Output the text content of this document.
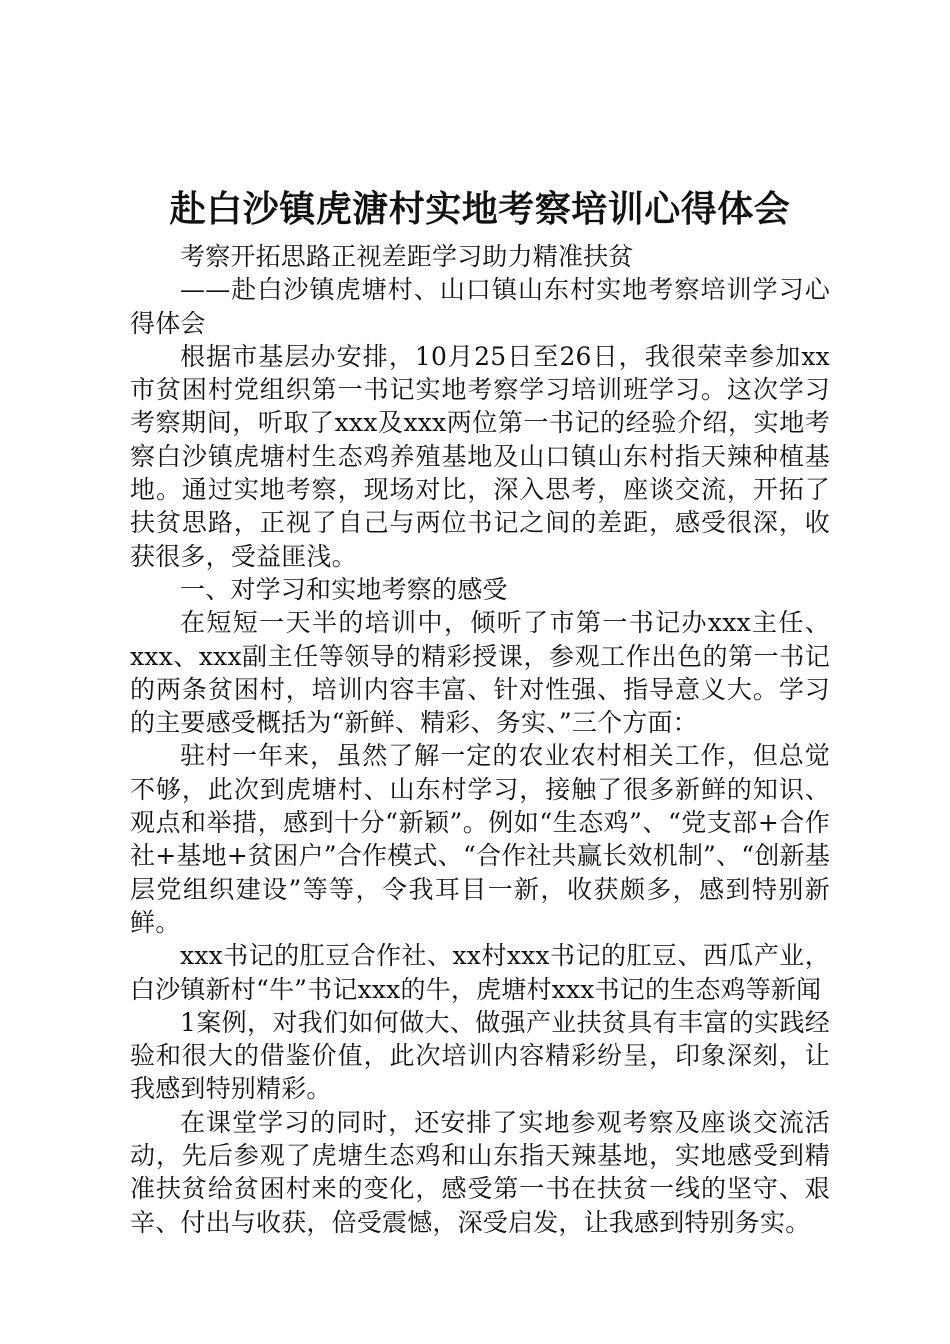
赴白沙镇虎溏村实地考察培训心得体会

考察开拓思路正视差距学习助力精准扶贫

——赴白沙镇虎塘村、山口镇山东村实地考察培训学习心得体会

根据市基层办安排，10月25日至26日，我很荣幸参加xx市贫困村党组织第一书记实地考察学习培训班学习。这次学习考察期间，听取了xxx及xxx两位第一书记的经验介绍，实地考察白沙镇虎塘村生态鸡养殖基地及山口镇山东村指天辣种植基地。通过实地考察，现场对比，深入思考，座谈交流，开拓了扶贫思路，正视了自己与两位书记之间的差距，感受很深，收获很多，受益匪浅。

一、对学习和实地考察的感受

在短短一天半的培训中，倾听了市第一书记办xxx主任、xxx、xxx副主任等领导的精彩授课，参观工作出色的第一书记的两条贫困村，培训内容丰富、针对性强、指导意义大。学习的主要感受概括为“新鲜、精彩、务实、”三个方面：

驻村一年来，虽然了解一定的农业农村相关工作，但总觉不够，此次到虎塘村、山东村学习，接触了很多新鲜的知识、观点和举措，感到十分“新颖”。例如“生态鸡”、“党支部+合作社+基地+贫困户”合作模式、“合作社共赢长效机制”、“创新基层党组织建设”等等，令我耳目一新，收获颇多，感到特别新鲜。

xxx书记的肛豆合作社、xx村xxx书记的肛豆、西瓜产业，白沙镇新村“牛”书记xxx的牛，虎塘村xxx书记的生态鸡等新闻

1案例，对我们如何做大、做强产业扶贫具有丰富的实践经验和很大的借鉴价值，此次培训内容精彩纷呈，印象深刻，让我感到特别精彩。

在课堂学习的同时，还安排了实地参观考察及座谈交流活动，先后参观了虎塘生态鸡和山东指天辣基地，实地感受到精准扶贫给贫困村来的变化，感受第一书在扶贫一线的坚守、艰辛、付出与收获，倍受震憾，深受启发，让我感到特别务实。
